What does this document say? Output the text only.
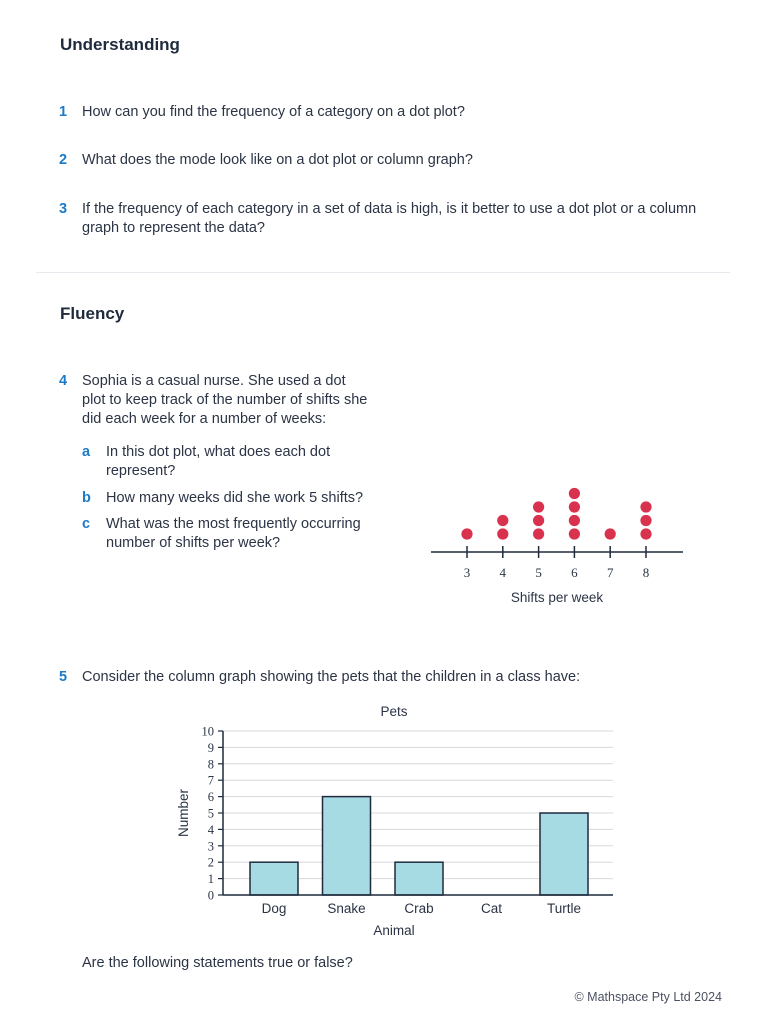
Understanding
1 How can you find the frequency of a category on a dot plot?
2 What does the mode look like on a dot plot or column graph?
3 If the frequency of each category in a set of data is high, is it better to use a dot plot or a column graph to represent the data?
Fluency
4 Sophia is a casual nurse. She used a dot plot to keep track of the number of shifts she did each week for a number of weeks:
a In this dot plot, what does each dot represent?
b How many weeks did she work 5 shifts?
c What was the most frequently occurring number of shifts per week?
3 4 5 6 7 8
Shifts per week
5 Consider the column graph showing the pets that the children in a class have:
Pets
0
1
2
3
4
5
6
7
8
9
10
Dog	Snake	Crab	Cat	Turtle
Number
Animal
Are the following statements true or false?
© Mathspace Pty Ltd 2024
